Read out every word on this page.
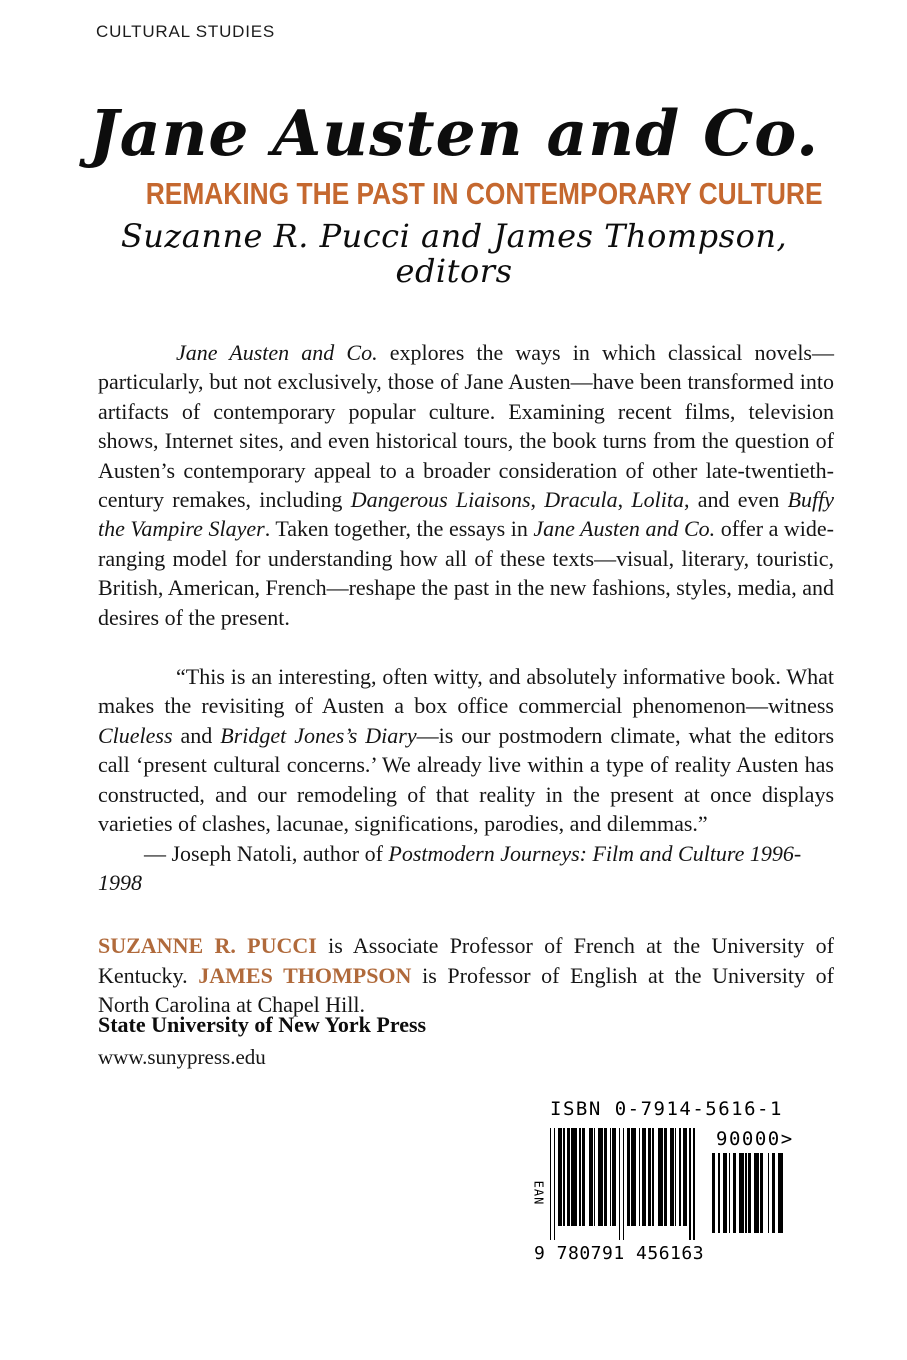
CULTURAL STUDIES
Jane Austen and Co.
REMAKING THE PAST IN CONTEMPORARY CULTURE
Suzanne R. Pucci and James Thompson, editors

Jane Austen and Co. explores the ways in which classical novels—particularly, but not exclusively, those of Jane Austen—have been transformed into artifacts of contemporary popular culture. Examining recent films, television shows, Internet sites, and even historical tours, the book turns from the question of Austen’s contemporary appeal to a broader consideration of other late-twentieth-century remakes, including Dangerous Liaisons, Dracula, Lolita, and even Buffy the Vampire Slayer. Taken together, the essays in Jane Austen and Co. offer a wide-ranging model for understanding how all of these texts—visual, literary, touristic, British, American, French—reshape the past in the new fashions, styles, media, and desires of the present.

“This is an interesting, often witty, and absolutely informative book. What makes the revisiting of Austen a box office commercial phenomenon—witness Clueless and Bridget Jones’s Diary—is our postmodern climate, what the editors call ‘present cultural concerns.’ We already live within a type of reality Austen has constructed, and our remodeling of that reality in the present at once displays varieties of clashes, lacunae, significations, parodies, and dilemmas.”

— Joseph Natoli, author of Postmodern Journeys: Film and Culture 1996-1998

SUZANNE R. PUCCI is Associate Professor of French at the University of Kentucky. JAMES THOMPSON is Professor of English at the University of North Carolina at Chapel Hill.

State University of New York Press
www.sunypress.edu
ISBN 0-7914-5616-1
EAN
9 780791 456163
90000>
